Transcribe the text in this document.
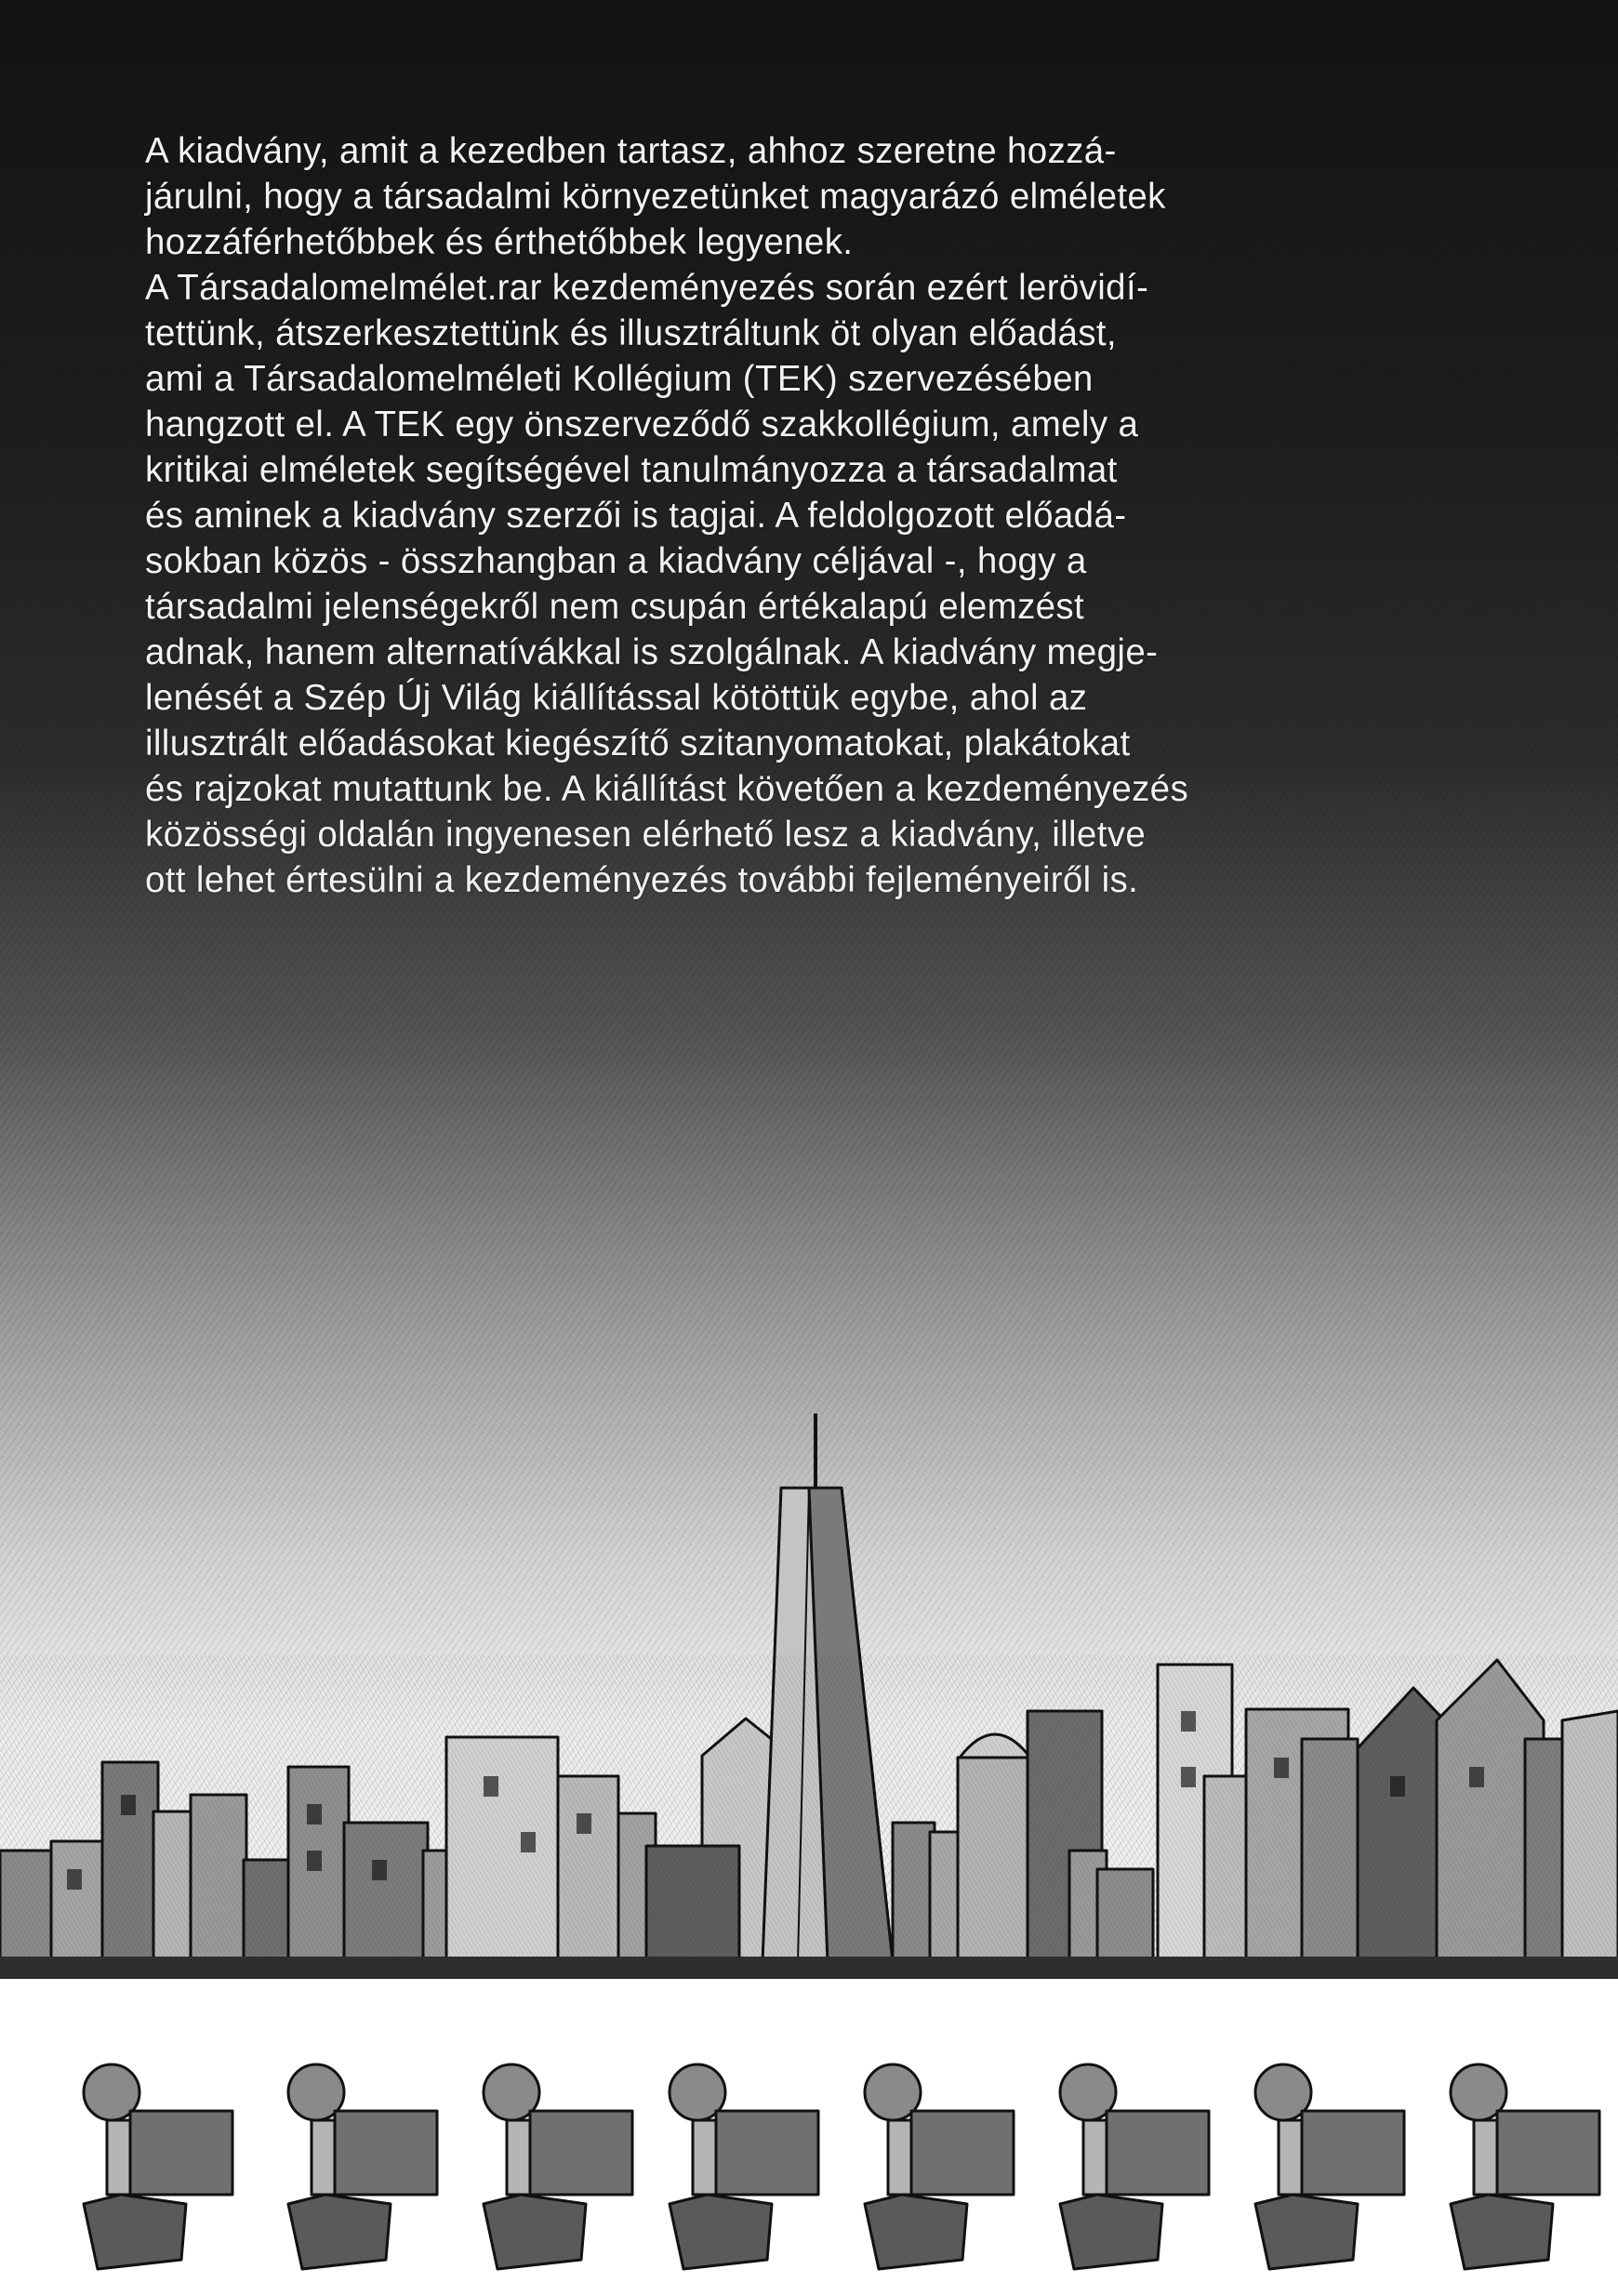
A kiadvány, amit a kezedben tartasz, ahhoz szeretne hozzá-
járulni, hogy a társadalmi környezetünket magyarázó elméletek
hozzáférhetőbbek és érthetőbbek legyenek.
A Társadalomelmélet.rar kezdeményezés során ezért lerövidí-
tettünk, átszerkesztettünk és illusztráltunk öt olyan előadást,
ami a Társadalomelméleti Kollégium (TEK) szervezésében
hangzott el. A TEK egy önszerveződő szakkollégium, amely a
kritikai elméletek segítségével tanulmányozza a társadalmat
és aminek a kiadvány szerzői is tagjai. A feldolgozott előadá-
sokban közös - összhangban a kiadvány céljával -, hogy a
társadalmi jelenségekről nem csupán értékalapú elemzést
adnak, hanem alternatívákkal is szolgálnak. A kiadvány megje-
lenését a Szép Új Világ kiállítással kötöttük egybe, ahol az
illusztrált előadásokat kiegészítő szitanyomatokat, plakátokat
és rajzokat mutattunk be. A kiállítást követően a kezdeményezés
közösségi oldalán ingyenesen elérhető lesz a kiadvány, illetve
ott lehet értesülni a kezdeményezés további fejleményeiről is.
